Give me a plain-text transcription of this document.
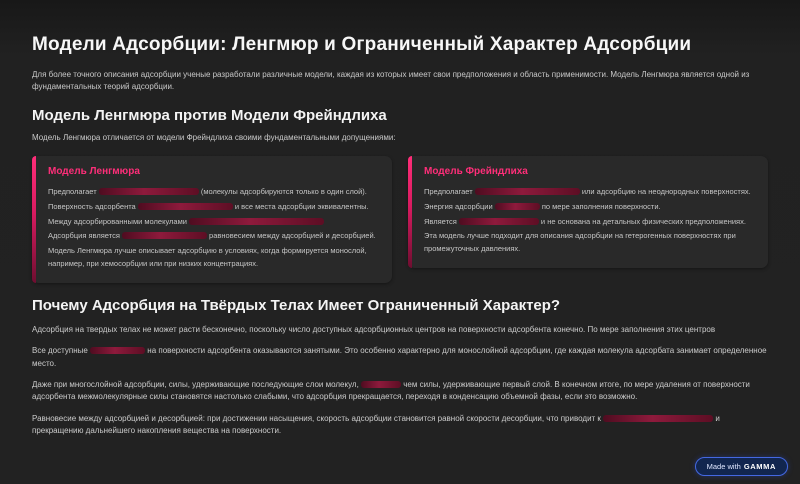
Модели Адсорбции: Ленгмюр и Ограниченный Характер Адсорбции

Для более точного описания адсорбции ученые разработали различные модели, каждая из которых имеет свои предположения и область применимости. Модель Ленгмюра является одной из фундаментальных теорий адсорбции.

Модель Ленгмюра против Модели Фрейндлиха

Модель Ленгмюра отличается от модели Фрейндлиха своими фундаментальными допущениями:

Модель Ленгмюра

Предполагает	(молекулы адсорбируются только в один слой).

Поверхность адсорбента	и все места адсорбции эквивалентны.

Между адсорбированными молекулами

Адсорбция является	равновесием между адсорбцией и десорбцией.

Модель Ленгмюра лучше описывает адсорбцию в условиях, когда формируется монослой, например, при хемосорбции или при низких концентрациях.

Модель Фрейндлиха

Предполагает	или адсорбцию на неоднородных поверхностях.

Энергия адсорбции	по мере заполнения поверхности.

Является	и не основана на детальных физических предположениях.

Эта модель лучше подходит для описания адсорбции на гетерогенных поверхностях при промежуточных давлениях.

Почему Адсорбция на Твёрдых Телах Имеет Ограниченный Характер?

Адсорбция на твердых телах не может расти бесконечно, поскольку число доступных адсорбционных центров на поверхности адсорбента конечно. По мере заполнения этих центров

Все доступные	на поверхности адсорбента оказываются занятыми. Это особенно характерно для монослойной адсорбции, где каждая молекула адсорбата занимает определенное место.

Даже при многослойной адсорбции, силы, удерживающие последующие слои молекул,	чем силы, удерживающие первый слой. В конечном итоге, по мере удаления от поверхности адсорбента межмолекулярные силы становятся настолько слабыми, что адсорбция прекращается, переходя в конденсацию объемной фазы, если это возможно.

Равновесие между адсорбцией и десорбцией: при достижении насыщения, скорость адсорбции становится равной скорости десорбции, что приводит к	и прекращению дальнейшего накопления вещества на поверхности.

Made with GAMMA
